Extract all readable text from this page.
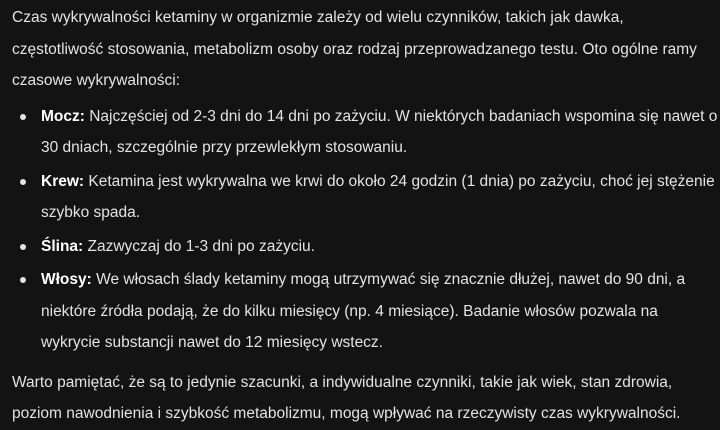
Czas wykrywalności ketaminy w organizmie zależy od wielu czynników, takich jak dawka, częstotliwość stosowania, metabolizm osoby oraz rodzaj przeprowadzanego testu. Oto ogólne ramy czasowe wykrywalności:

Mocz: Najczęściej od 2-3 dni do 14 dni po zażyciu. W niektórych badaniach wspomina się nawet o 30 dniach, szczególnie przy przewlekłym stosowaniu.
Krew: Ketamina jest wykrywalna we krwi do około 24 godzin (1 dnia) po zażyciu, choć jej stężenie szybko spada.
Ślina: Zazwyczaj do 1-3 dni po zażyciu.
Włosy: We włosach ślady ketaminy mogą utrzymywać się znacznie dłużej, nawet do 90 dni, a niektóre źródła podają, że do kilku miesięcy (np. 4 miesiące). Badanie włosów pozwala na wykrycie substancji nawet do 12 miesięcy wstecz.

Warto pamiętać, że są to jedynie szacunki, a indywidualne czynniki, takie jak wiek, stan zdrowia, poziom nawodnienia i szybkość metabolizmu, mogą wpływać na rzeczywisty czas wykrywalności.
